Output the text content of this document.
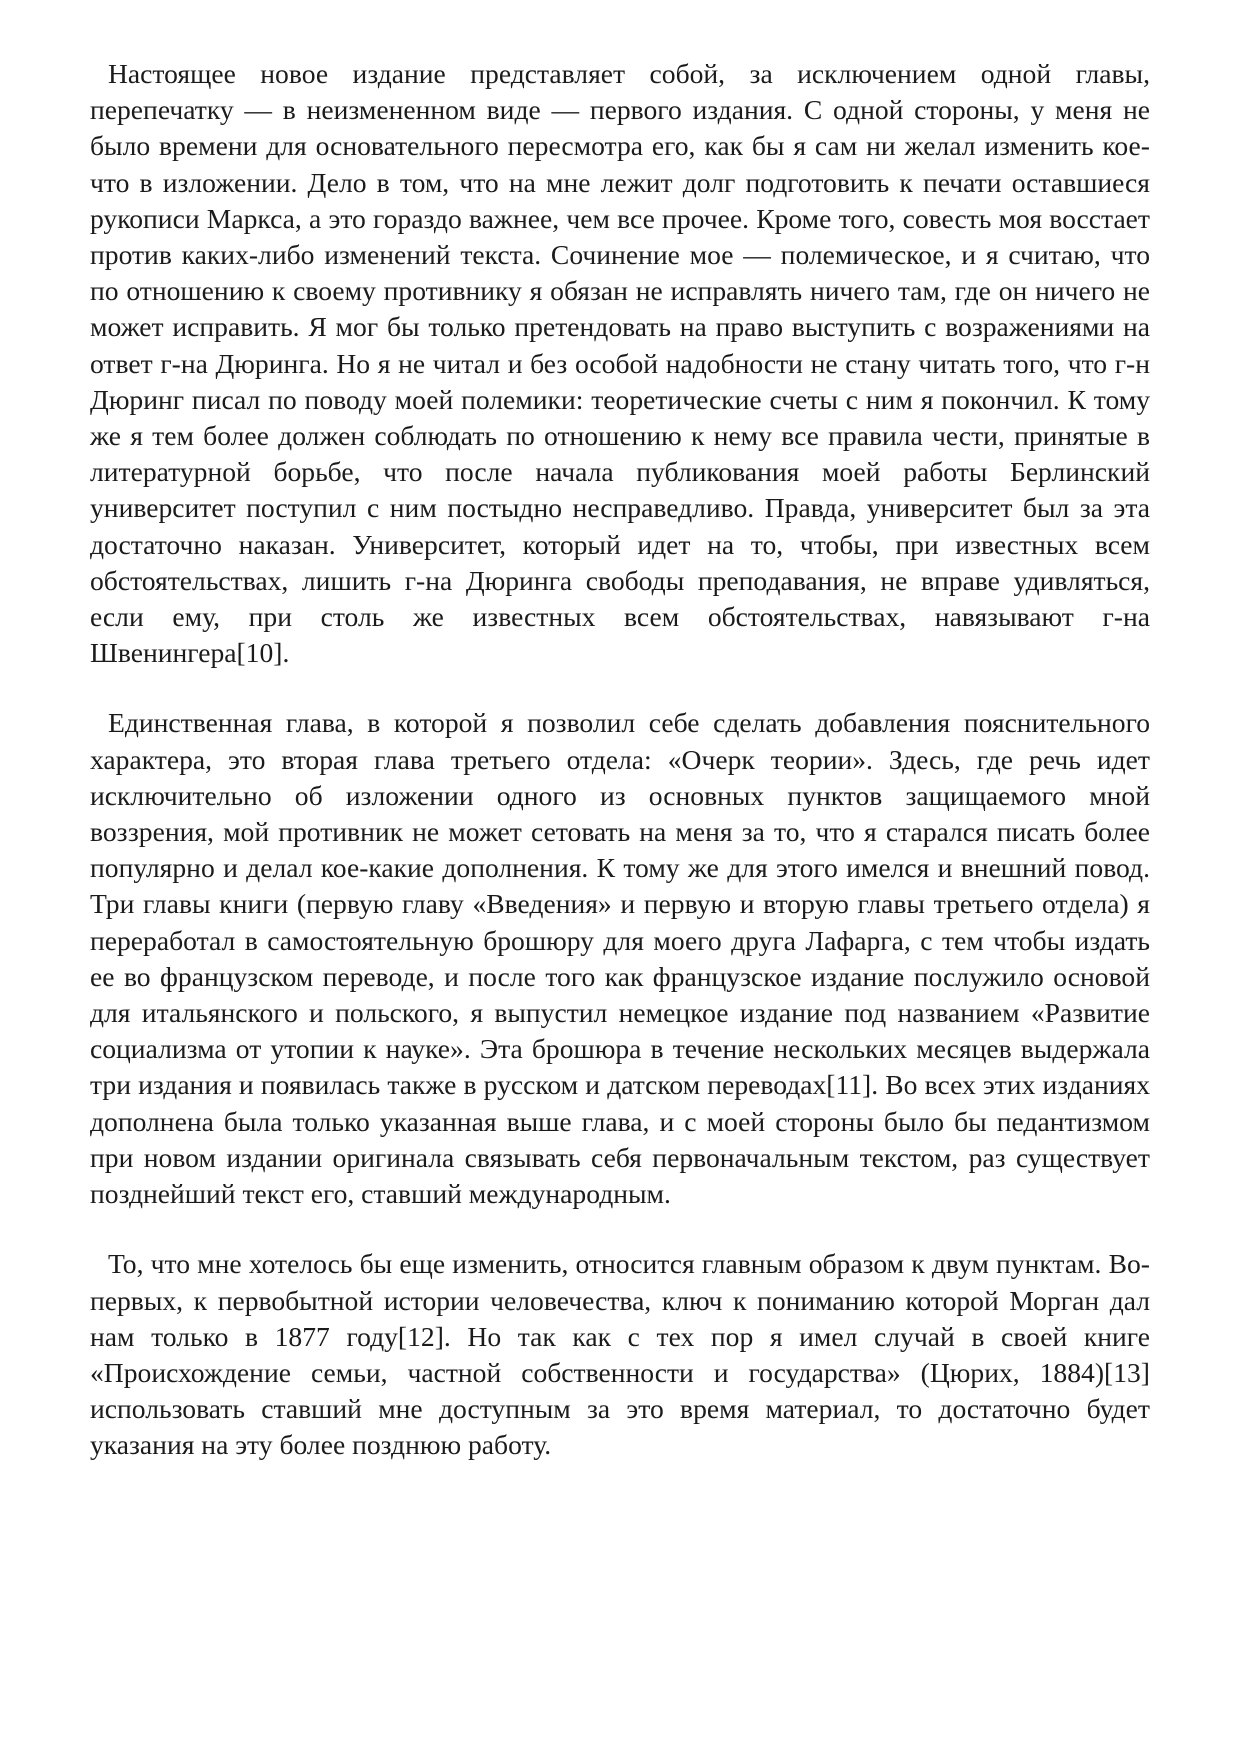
Настоящее новое издание представляет собой, за исключением одной главы, перепечатку — в неизмененном виде — первого издания. С одной стороны, у меня не было времени для основательного пересмотра его, как бы я сам ни желал изменить кое-что в изложении. Дело в том, что на мне лежит долг подготовить к печати оставшиеся рукописи Маркса, а это гораздо важнее, чем все прочее. Кроме того, совесть моя восстает против каких-либо изменений текста. Сочинение мое — полемическое, и я считаю, что по отношению к своему противнику я обязан не исправлять ничего там, где он ничего не может исправить. Я мог бы только претендовать на право выступить с возражениями на ответ г-на Дюринга. Но я не читал и без особой надобности не стану читать того, что г-н Дюринг писал по поводу моей полемики: теоретические счеты с ним я покончил. К тому же я тем более должен соблюдать по отношению к нему все правила чести, принятые в литературной борьбе, что после начала публикования моей работы Берлинский университет поступил с ним постыдно несправедливо. Правда, университет был за эта достаточно наказан. Университет, который идет на то, чтобы, при известных всем обстоятельствах, лишить г-на Дюринга свободы преподавания, не вправе удивляться, если ему, при столь же известных всем обстоятельствах, навязывают г-на Швенингера[10].

Единственная глава, в которой я позволил себе сделать добавления пояснительного характера, это вторая глава третьего отдела: «Очерк теории». Здесь, где речь идет исключительно об изложении одного из основных пунктов защищаемого мной воззрения, мой противник не может сетовать на меня за то, что я старался писать более популярно и делал кое-какие дополнения. К тому же для этого имелся и внешний повод. Три главы книги (первую главу «Введения» и первую и вторую главы третьего отдела) я переработал в самостоятельную брошюру для моего друга Лафарга, с тем чтобы издать ее во французском переводе, и после того как французское издание послужило основой для итальянского и польского, я выпустил немецкое издание под названием «Развитие социализма от утопии к науке». Эта брошюра в течение нескольких месяцев выдержала три издания и появилась также в русском и датском переводах[11]. Во всех этих изданиях дополнена была только указанная выше глава, и с моей стороны было бы педантизмом при новом издании оригинала связывать себя первоначальным текстом, раз существует позднейший текст его, ставший международным.

То, что мне хотелось бы еще изменить, относится главным образом к двум пунктам. Во-первых, к первобытной истории человечества, ключ к пониманию которой Морган дал нам только в 1877 году[12]. Но так как с тех пор я имел случай в своей книге «Происхождение семьи, частной собственности и государства» (Цюрих, 1884)[13] использовать ставший мне доступным за это время материал, то достаточно будет указания на эту более позднюю работу.
